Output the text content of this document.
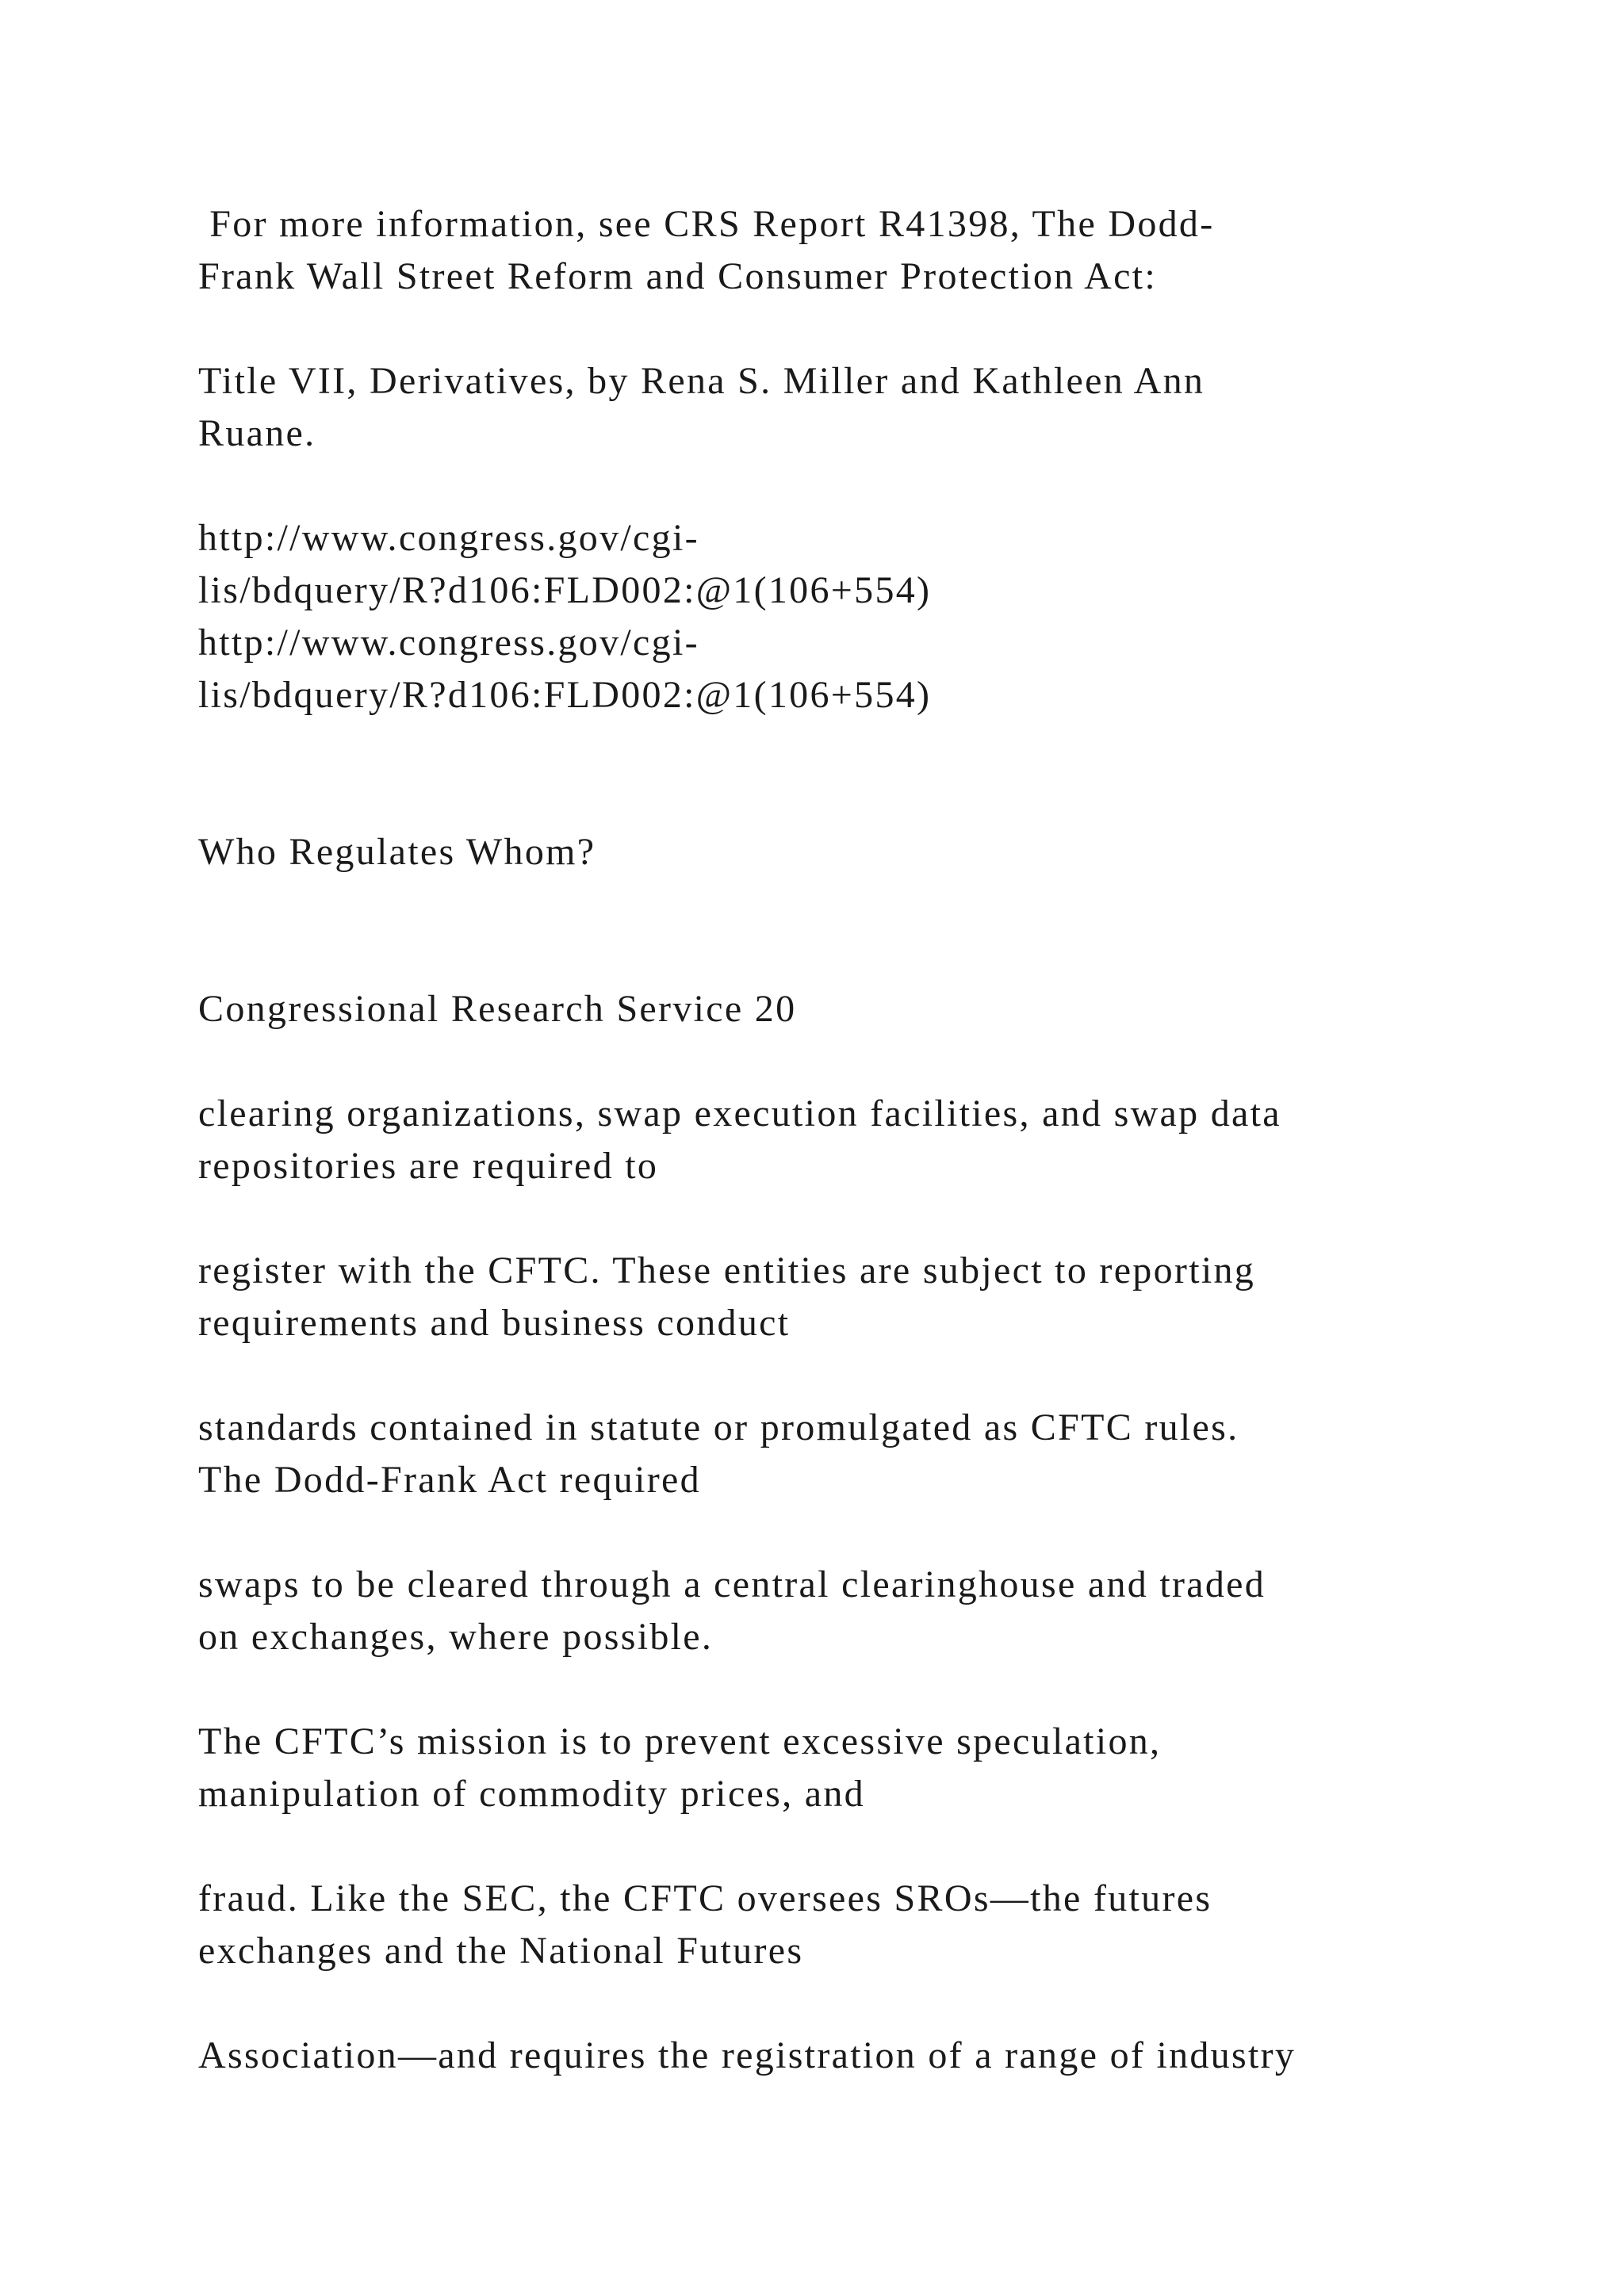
For more information, see CRS Report R41398, The Dodd-

Frank Wall Street Reform and Consumer Protection Act:

Title VII, Derivatives, by Rena S. Miller and Kathleen Ann

Ruane.

http://www.congress.gov/cgi-

lis/bdquery/R?d106:FLD002:@1(106+554)

http://www.congress.gov/cgi-

lis/bdquery/R?d106:FLD002:@1(106+554)

Who Regulates Whom?

Congressional Research Service 20

clearing organizations, swap execution facilities, and swap data

repositories are required to

register with the CFTC. These entities are subject to reporting

requirements and business conduct

standards contained in statute or promulgated as CFTC rules.

The Dodd-Frank Act required

swaps to be cleared through a central clearinghouse and traded

on exchanges, where possible.

The CFTC’s mission is to prevent excessive speculation,

manipulation of commodity prices, and

fraud. Like the SEC, the CFTC oversees SROs—the futures

exchanges and the National Futures

Association—and requires the registration of a range of industry
